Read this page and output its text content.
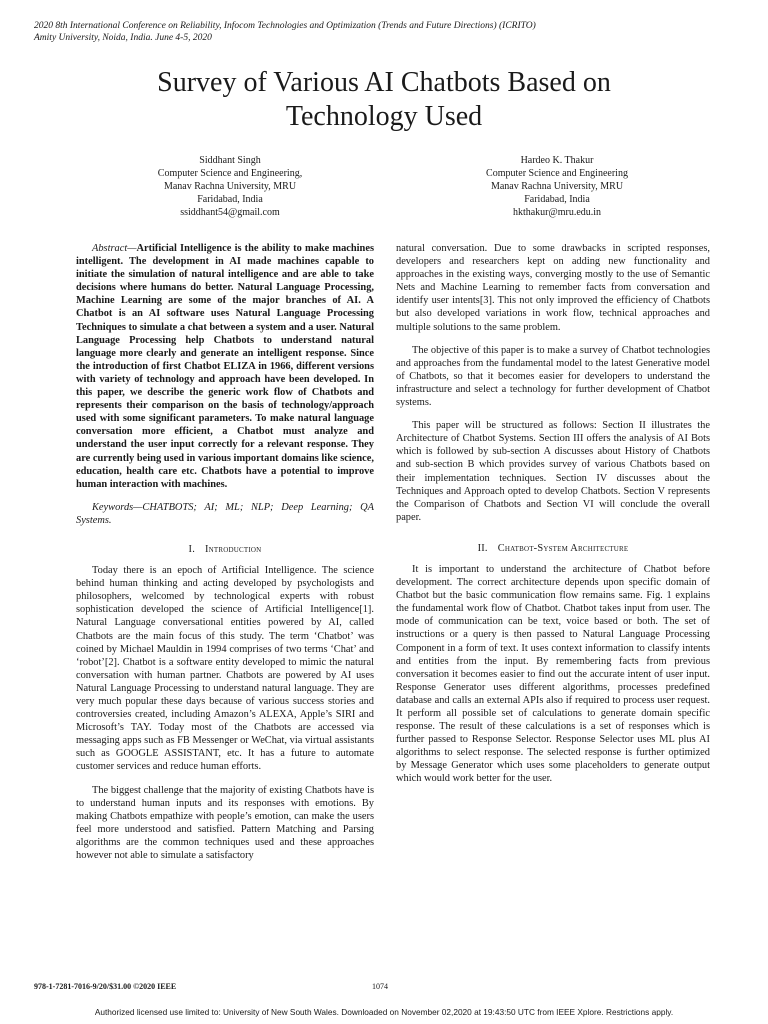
2020 8th International Conference on Reliability, Infocom Technologies and Optimization (Trends and Future Directions) (ICRITO)
Amity University, Noida, India. June 4-5, 2020
Survey of Various AI Chatbots Based on
Technology Used
Siddhant Singh
Computer Science and Engineering,
Manav Rachna University, MRU
Faridabad, India
ssiddhant54@gmail.com
Hardeo K. Thakur
Computer Science and Engineering
Manav Rachna University, MRU
Faridabad, India
hkthakur@mru.edu.in

Abstract—Artificial Intelligence is the ability to make machines intelligent. The development in AI made machines capable to initiate the simulation of natural intelligence and are able to take decisions where humans do better. Natural Language Processing, Machine Learning are some of the major branches of AI. A Chatbot is an AI software uses Natural Language Processing Techniques to simulate a chat between a system and a user. Natural Language Processing help Chatbots to understand natural language more clearly and generate an intelligent response. Since the introduction of first Chatbot ELIZA in 1966, different versions with variety of technology and approach have been developed. In this paper, we describe the generic work flow of Chatbots and represents their comparison on the basis of technology/approach used with some significant parameters. To make natural language conversation more efficient, a Chatbot must analyze and understand the user input correctly for a relevant response. They are currently being used in various important domains like science, education, health care etc. Chatbots have a potential to improve human interaction with machines.

Keywords—CHATBOTS; AI; ML; NLP; Deep Learning; QA Systems.

I. Introduction

Today there is an epoch of Artificial Intelligence. The science behind human thinking and acting developed by psychologists and philosophers, welcomed by technological experts with robust sophistication developed the science of Artificial Intelligence[1]. Natural Language conversational entities powered by AI, called Chatbots are the main focus of this study. The term ‘Chatbot’ was coined by Michael Mauldin in 1994 comprises of two terms ‘Chat’ and ‘robot’[2]. Chatbot is a software entity developed to mimic the natural conversation with human partner. Chatbots are powered by AI uses Natural Language Processing to understand natural language. They are very much popular these days because of various success stories and controversies created, including Amazon’s ALEXA, Apple’s SIRI and Microsoft’s TAY. Today most of the Chatbots are accessed via messaging apps such as FB Messenger or WeChat, via virtual assistants such as GOOGLE ASSISTANT, etc. It has a future to automate customer services and reduce human efforts.

The biggest challenge that the majority of existing Chatbots have is to understand human inputs and its responses with emotions. By making Chatbots empathize with people’s emotion, can make the users feel more understood and satisfied. Pattern Matching and Parsing algorithms are the common techniques used and these approaches however not able to simulate a satisfactory

natural conversation. Due to some drawbacks in scripted responses, developers and researchers kept on adding new functionality and approaches in the existing ways, converging mostly to the use of Semantic Nets and Machine Learning to remember facts from conversation and identify user intents[3]. This not only improved the efficiency of Chatbots but also developed variations in work flow, technical approaches and multiple solutions to the same problem.

The objective of this paper is to make a survey of Chatbot technologies and approaches from the fundamental model to the latest Generative model of Chatbots, so that it becomes easier for developers to understand the infrastructure and select a technology for further development of Chatbot systems.

This paper will be structured as follows: Section II illustrates the Architecture of Chatbot Systems. Section III offers the analysis of AI Bots which is followed by sub-section A discusses about History of Chatbots and sub-section B which provides survey of various Chatbots based on their implementation techniques. Section IV discusses about the Techniques and Approach opted to develop Chatbots. Section V represents the Comparison of Chatbots and Section VI will conclude the overall paper.

II. Chatbot-System Architecture

It is important to understand the architecture of Chatbot before development. The correct architecture depends upon specific domain of Chatbot but the basic communication flow remains same. Fig. 1 explains the fundamental work flow of Chatbot. Chatbot takes input from user. The mode of communication can be text, voice based or both. The set of instructions or a query is then passed to Natural Language Processing Component in a form of text. It uses context information to classify intents and entities from the input. By remembering facts from previous conversation it becomes easier to find out the accurate intent of user input. Response Generator uses different algorithms, processes predefined database and calls an external APIs also if required to process user request. It perform all possible set of calculations to generate domain specific response. The result of these calculations is a set of responses which is further passed to Response Selector. Response Selector uses ML plus AI algorithms to select response. The selected response is further optimized by Message Generator which uses some placeholders to generate output which would work better for the user.

978-1-7281-7016-9/20/$31.00 ©2020 IEEE	1074
Authorized licensed use limited to: University of New South Wales. Downloaded on November 02,2020 at 19:43:50 UTC from IEEE Xplore. Restrictions apply.
